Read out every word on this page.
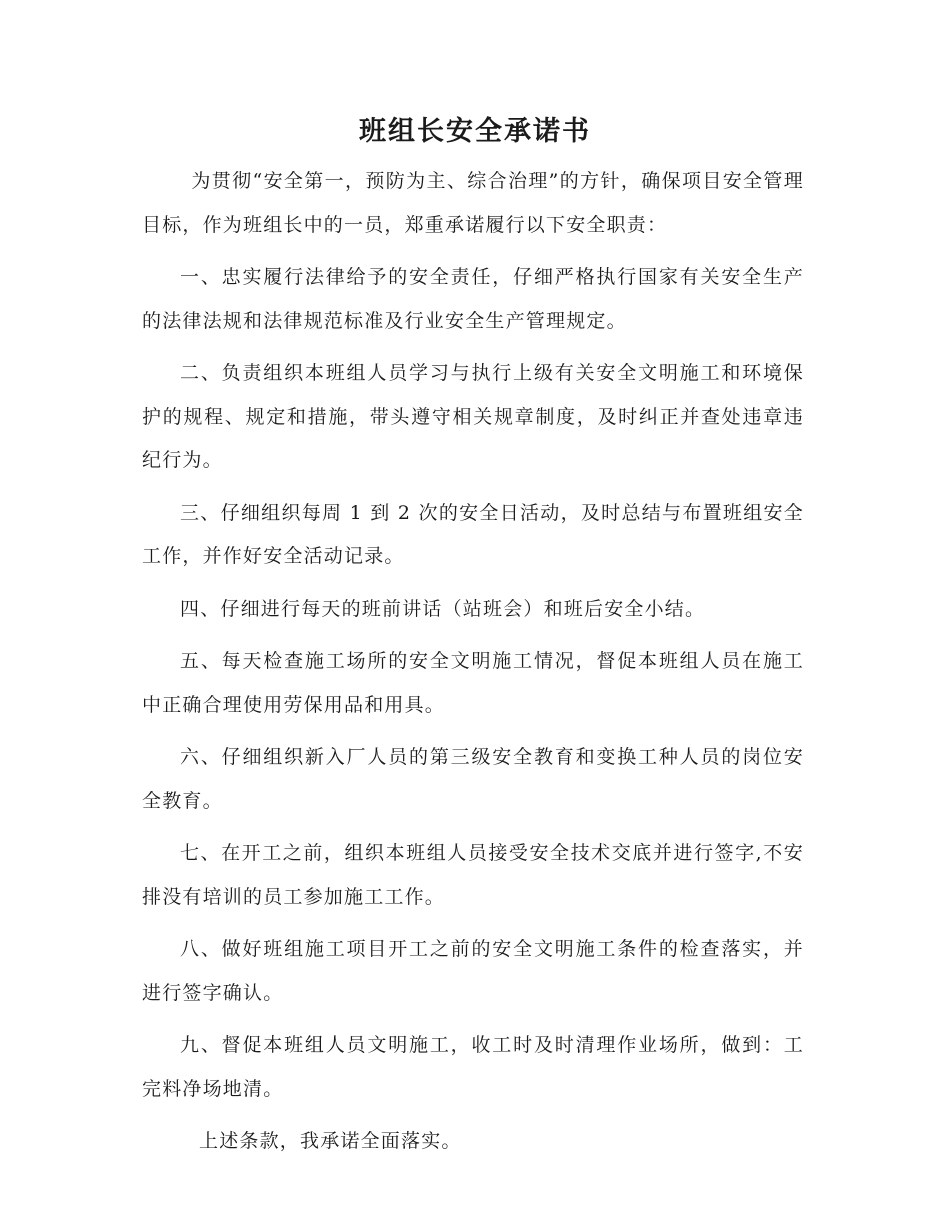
班组长安全承诺书

为贯彻“安全第一，预防为主、综合治理”的方针，确保项目安全管理目标，作为班组长中的一员，郑重承诺履行以下安全职责：

一、忠实履行法律给予的安全责任，仔细严格执行国家有关安全生产的法律法规和法律规范标准及行业安全生产管理规定。

二、负责组织本班组人员学习与执行上级有关安全文明施工和环境保护的规程、规定和措施，带头遵守相关规章制度，及时纠正并查处违章违纪行为。

三、仔细组织每周 1 到 2 次的安全日活动，及时总结与布置班组安全工作，并作好安全活动记录。

四、仔细进行每天的班前讲话（站班会）和班后安全小结。

五、每天检查施工场所的安全文明施工情况，督促本班组人员在施工中正确合理使用劳保用品和用具。

六、仔细组织新入厂人员的第三级安全教育和变换工种人员的岗位安全教育。

七、在开工之前，组织本班组人员接受安全技术交底并进行签字,不安排没有培训的员工参加施工工作。

八、做好班组施工项目开工之前的安全文明施工条件的检查落实，并进行签字确认。

九、督促本班组人员文明施工，收工时及时清理作业场所，做到：工完料净场地清。

上述条款，我承诺全面落实。
